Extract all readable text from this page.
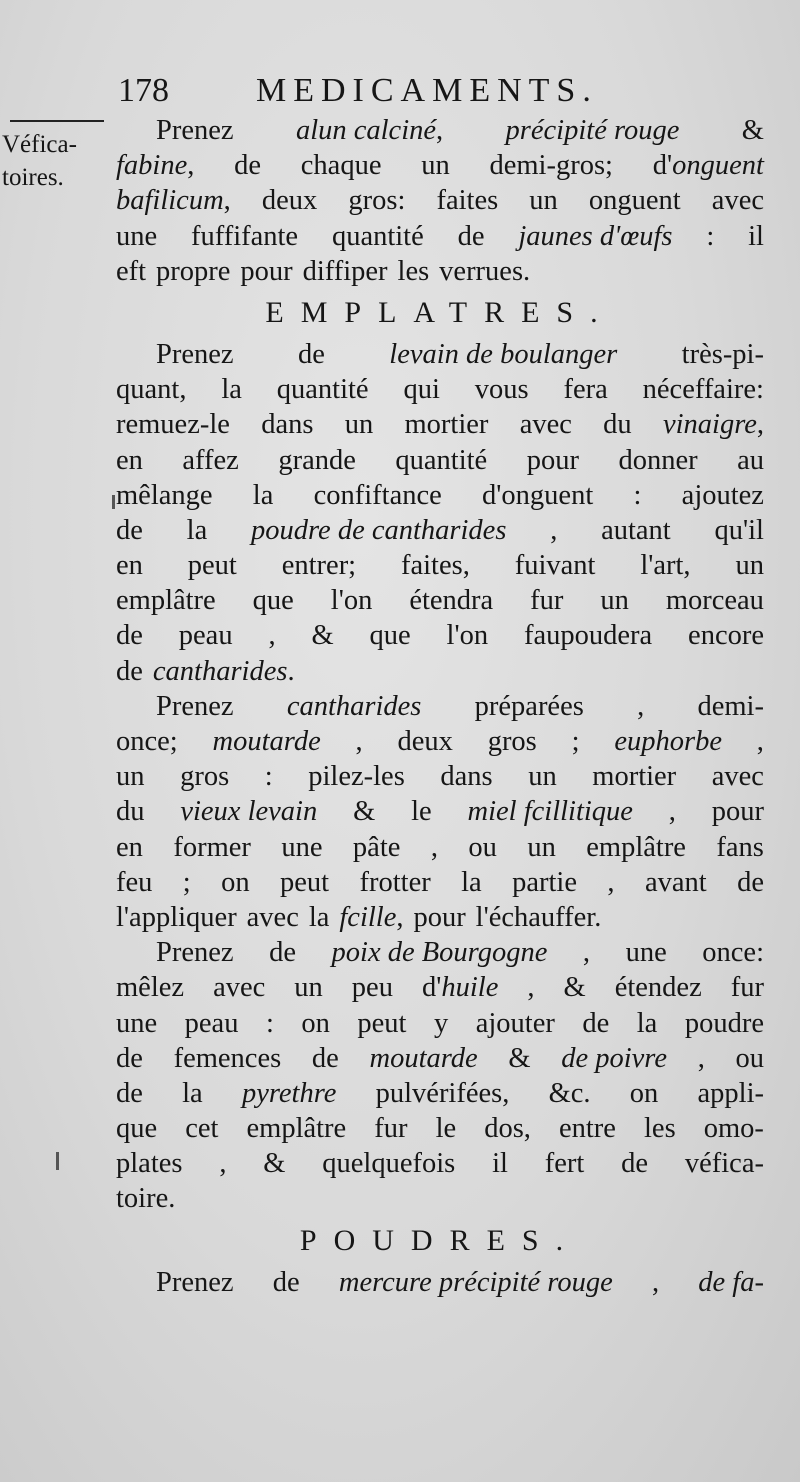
178	MEDICAMENTS.
Véfica-
toires.
Prenez alun calciné, précipité rouge &
fabine, de chaque un demi-gros; d'onguent
bafilicum, deux gros: faites un onguent avec
une fuffifante quantité de jaunes d'œufs : il
eft propre pour diffiper les verrues.
EMPLATRES.
Prenez de levain de boulanger très-pi-
quant, la quantité qui vous fera néceffaire:
remuez-le dans un mortier avec du vinaigre,
en affez grande quantité pour donner au
mêlange la confiftance d'onguent : ajoutez
de la poudre de cantharides , autant qu'il
en peut entrer; faites, fuivant l'art, un
emplâtre que l'on étendra fur un morceau
de peau , & que l'on faupoudera encore
de cantharides.
Prenez cantharides préparées , demi-
once; moutarde , deux gros ; euphorbe ,
un gros : pilez-les dans un mortier avec
du vieux levain & le miel fcillitique , pour
en former une pâte , ou un emplâtre fans
feu ; on peut frotter la partie , avant de
l'appliquer avec la fcille, pour l'échauffer.
Prenez de poix de Bourgogne , une once:
mêlez avec un peu d'huile , & étendez fur
une peau : on peut y ajouter de la poudre
de femences de moutarde & de poivre , ou
de la pyrethre pulvérifées, &c. on appli-
que cet emplâtre fur le dos, entre les omo-
plates , & quelquefois il fert de véfica-
toire.
POUDRES.
Prenez de mercure précipité rouge , de fa-
